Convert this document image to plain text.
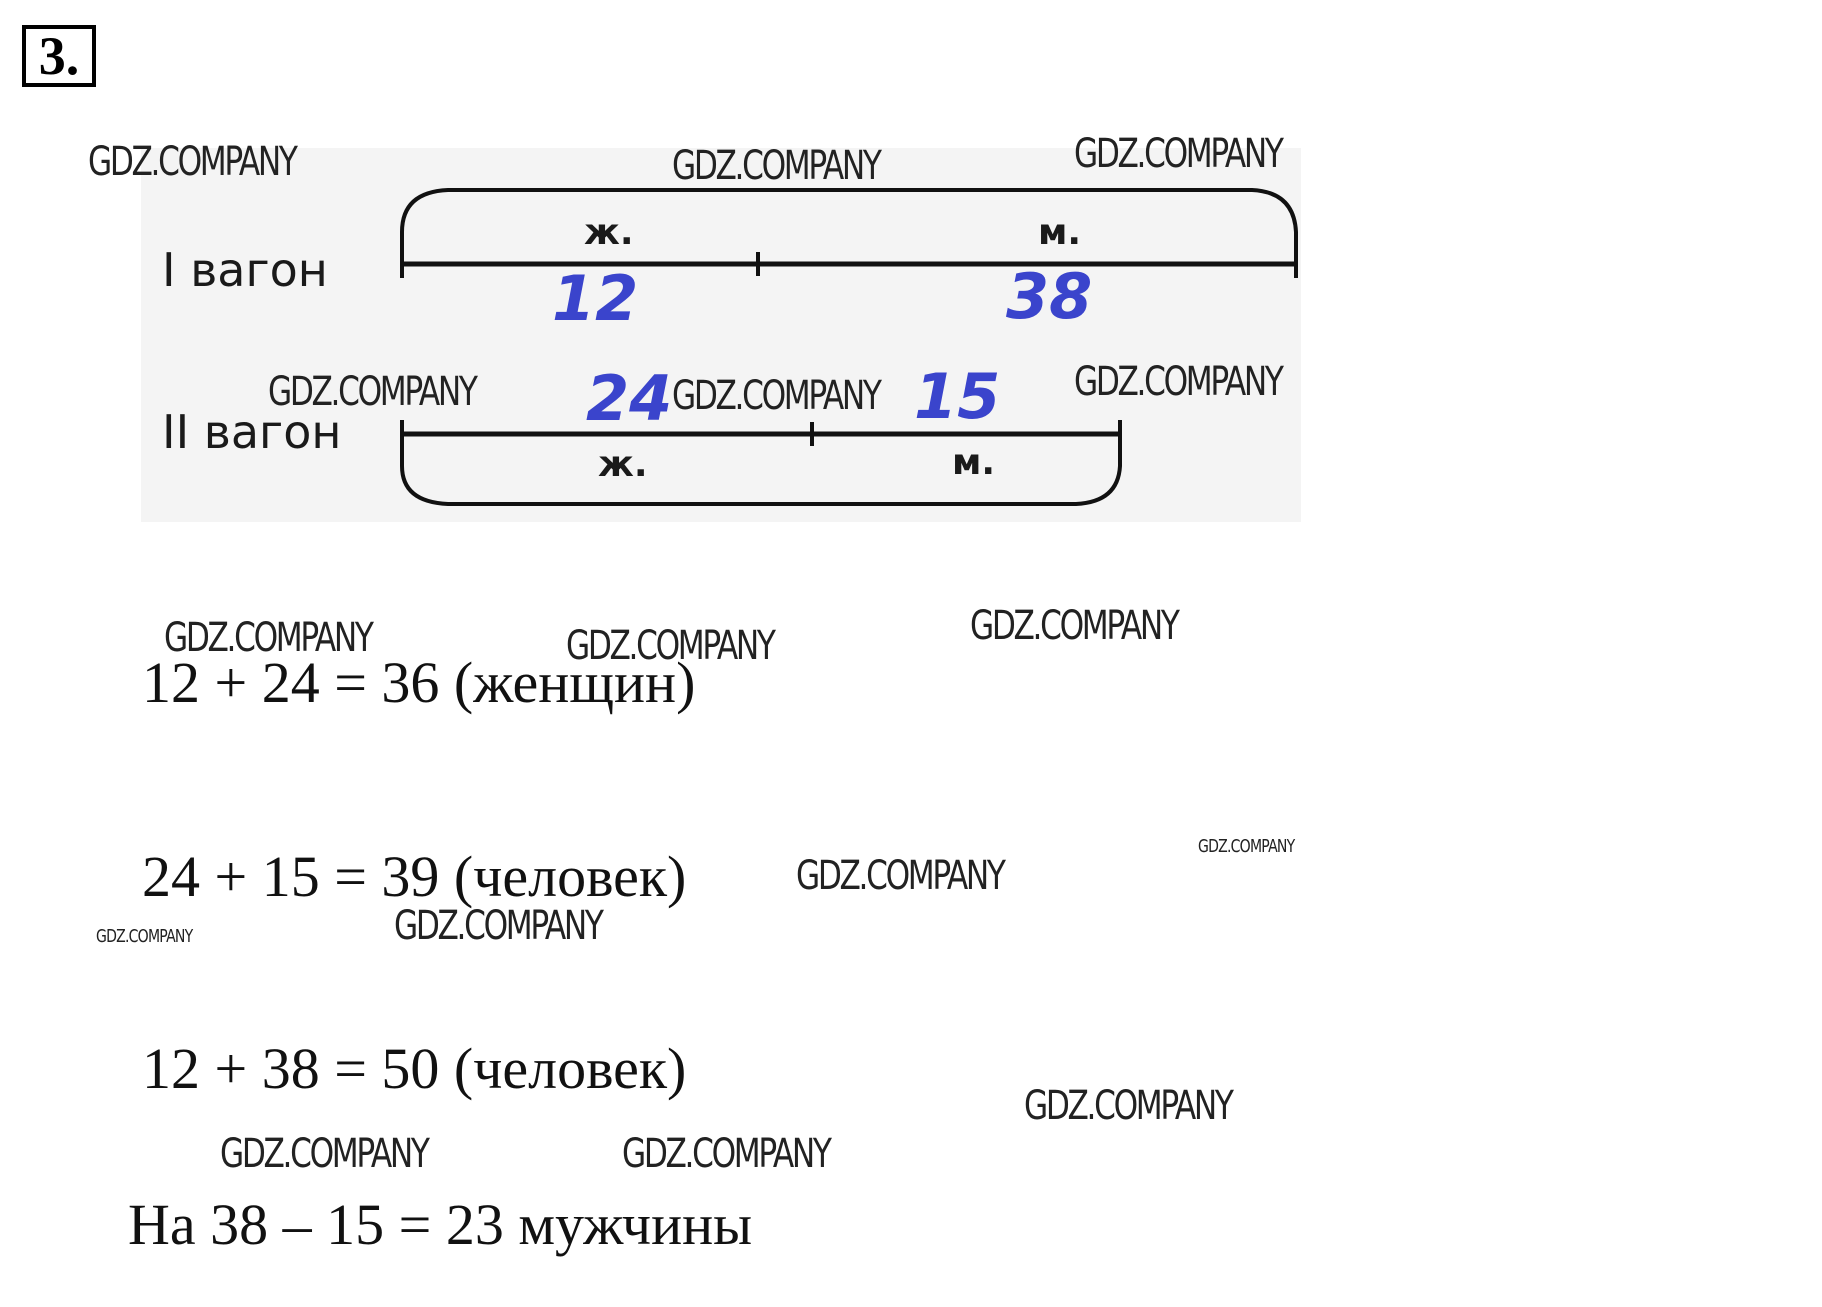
3.
I вагон
ж.	м.
12	38
II вагон
ж.	м.
24	15
12 + 24 = 36 (женщин)
24 + 15 = 39 (человек)
12 + 38 = 50 (человек)
На 38 – 15 = 23 мужчины
GDZ.COMPANY	GDZ.COMPANY	GDZ.COMPANY
GDZ.COMPANY	GDZ.COMPANY	GDZ.COMPANY
GDZ.COMPANY	GDZ.COMPANY	GDZ.COMPANY
GDZ.COMPANY
GDZ.COMPANY
GDZ.COMPANY	GDZ.COMPANY
GDZ.COMPANY
GDZ.COMPANY	GDZ.COMPANY
